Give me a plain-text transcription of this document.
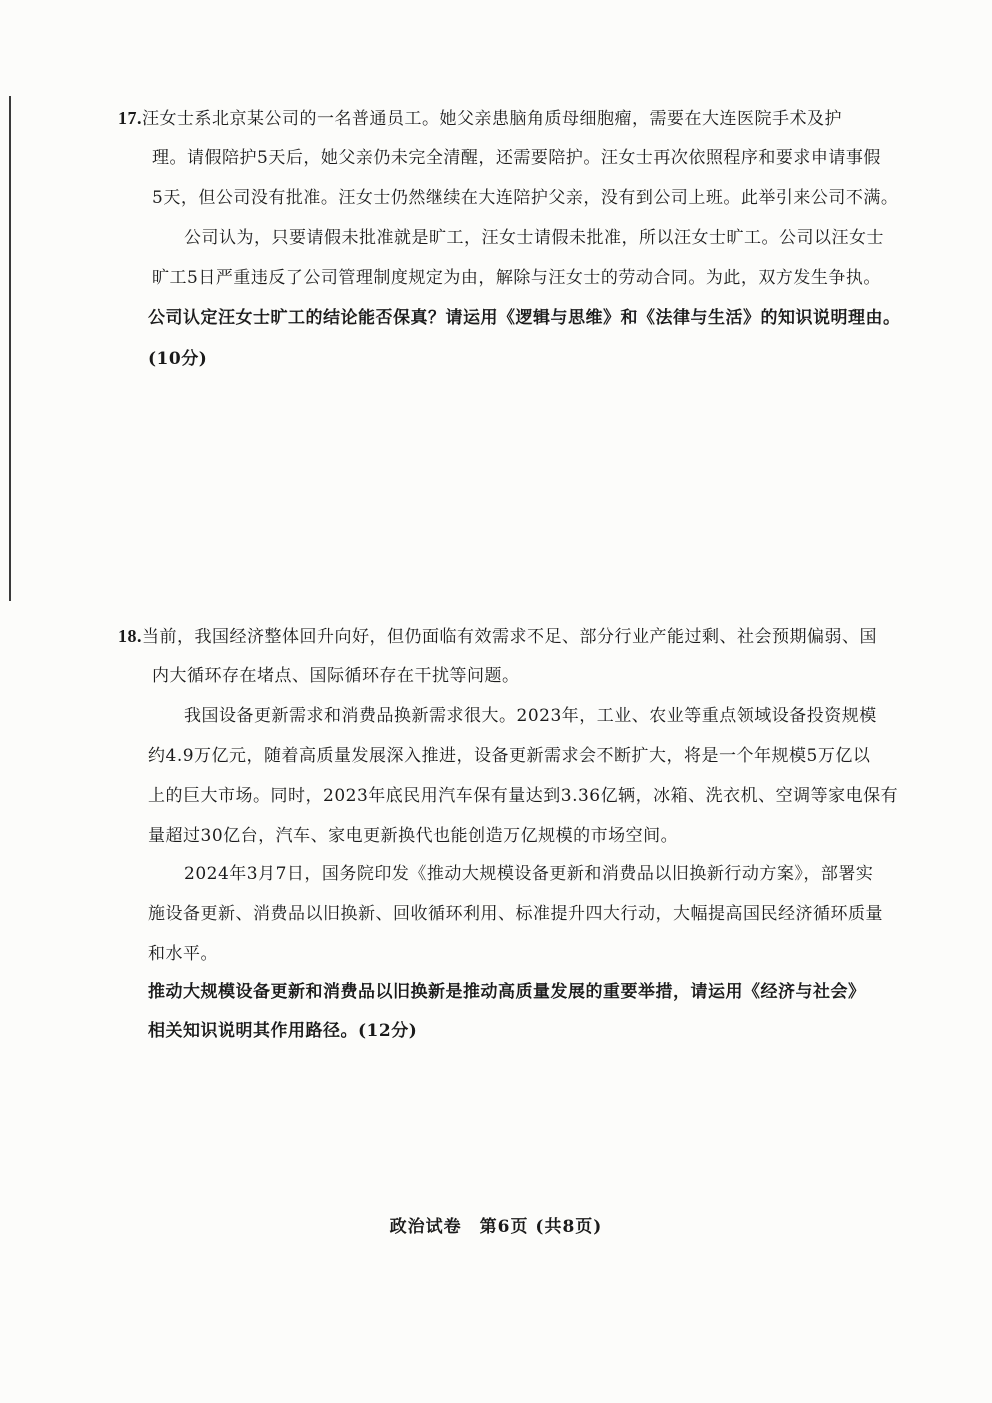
17.汪女士系北京某公司的一名普通员工。她父亲患脑角质母细胞瘤，需要在大连医院手术及护
理。请假陪护5天后，她父亲仍未完全清醒，还需要陪护。汪女士再次依照程序和要求申请事假
5天，但公司没有批准。汪女士仍然继续在大连陪护父亲，没有到公司上班。此举引来公司不满。
公司认为，只要请假未批准就是旷工，汪女士请假未批准，所以汪女士旷工。公司以汪女士
旷工5日严重违反了公司管理制度规定为由，解除与汪女士的劳动合同。为此，双方发生争执。
公司认定汪女士旷工的结论能否保真？请运用《逻辑与思维》和《法律与生活》的知识说明理由。
(10分)
18.当前，我国经济整体回升向好，但仍面临有效需求不足、部分行业产能过剩、社会预期偏弱、国
内大循环存在堵点、国际循环存在干扰等问题。
我国设备更新需求和消费品换新需求很大。2023年，工业、农业等重点领域设备投资规模
约4.9万亿元，随着高质量发展深入推进，设备更新需求会不断扩大，将是一个年规模5万亿以
上的巨大市场。同时，2023年底民用汽车保有量达到3.36亿辆，冰箱、洗衣机、空调等家电保有
量超过30亿台，汽车、家电更新换代也能创造万亿规模的市场空间。
2024年3月7日，国务院印发《推动大规模设备更新和消费品以旧换新行动方案》，部署实
施设备更新、消费品以旧换新、回收循环利用、标准提升四大行动，大幅提高国民经济循环质量
和水平。
推动大规模设备更新和消费品以旧换新是推动高质量发展的重要举措，请运用《经济与社会》
相关知识说明其作用路径。(12分)
政治试卷　第6页 (共8页)
